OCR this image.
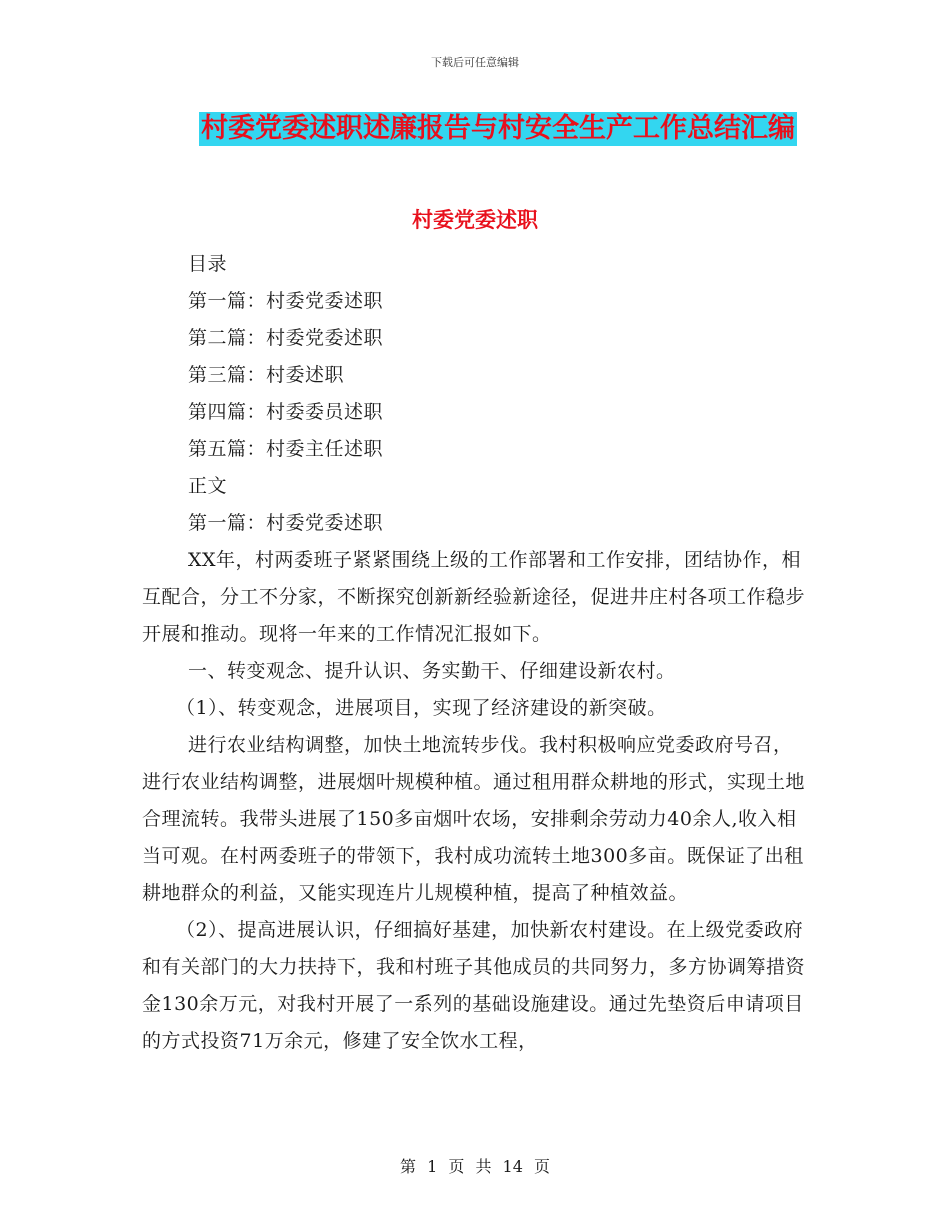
下载后可任意编辑
村委党委述职述廉报告与村安全生产工作总结汇编
村委党委述职

目录

第一篇：村委党委述职

第二篇：村委党委述职

第三篇：村委述职

第四篇：村委委员述职

第五篇：村委主任述职

正文

第一篇：村委党委述职

XX年，村两委班子紧紧围绕上级的工作部署和工作安排，团结协作，相互配合，分工不分家，不断探究创新新经验新途径，促进井庄村各项工作稳步开展和推动。现将一年来的工作情况汇报如下。

一、转变观念、提升认识、务实勤干、仔细建设新农村。

（1）、转变观念，进展项目，实现了经济建设的新突破。

进行农业结构调整，加快土地流转步伐。我村积极响应党委政府号召，进行农业结构调整，进展烟叶规模种植。通过租用群众耕地的形式，实现土地合理流转。我带头进展了150多亩烟叶农场，安排剩余劳动力40余人,收入相当可观。在村两委班子的带领下，我村成功流转土地300多亩。既保证了出租耕地群众的利益，又能实现连片儿规模种植，提高了种植效益。

（2）、提高进展认识，仔细搞好基建，加快新农村建设。在上级党委政府和有关部门的大力扶持下，我和村班子其他成员的共同努力，多方协调筹措资金130余万元，对我村开展了一系列的基础设施建设。通过先垫资后申请项目的方式投资71万余元，修建了安全饮水工程，

第 1 页 共 14 页
